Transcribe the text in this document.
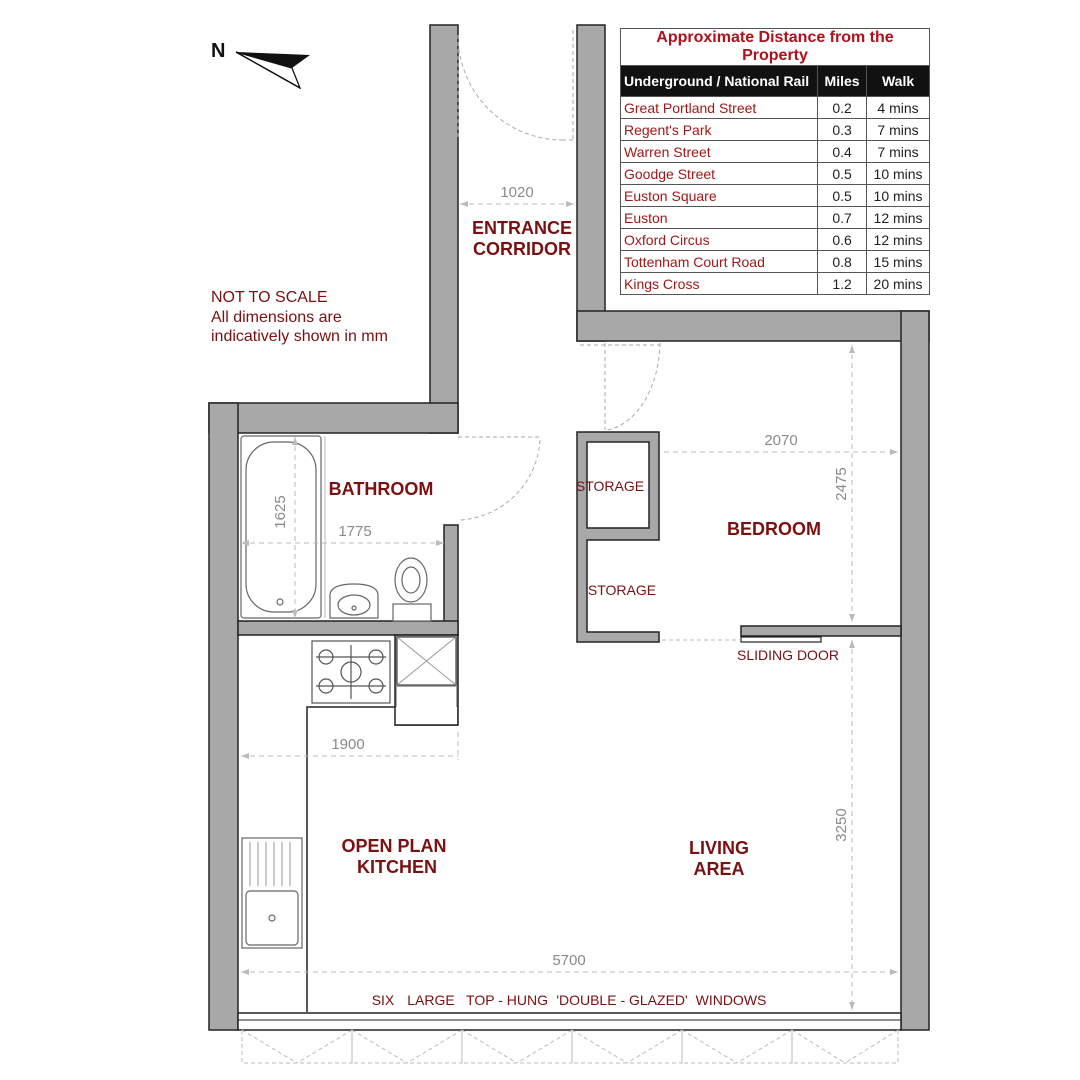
N
NOT TO SCALE
All dimensions are
indicatively shown in mm
1020
2070
2475
1625
1775
1900
3250
5700
ENTRANCE
CORRIDOR
BATHROOM
BEDROOM
STORAGE
STORAGE
OPEN PLAN
KITCHEN
LIVING
AREA
SLIDING DOOR
SIX LARGE TOP - HUNG 'DOUBLE - GLAZED' WINDOWS
Approximate Distance from the Property		
Underground / National Rail	Miles	Walk
Great Portland Street	0.2	4 mins
Regent's Park	0.3	7 mins
Warren Street	0.4	7 mins
Goodge Street	0.5	10 mins
Euston Square	0.5	10 mins
Euston	0.7	12 mins
Oxford Circus	0.6	12 mins
Tottenham Court Road	0.8	15 mins
Kings Cross	1.2	20 mins
